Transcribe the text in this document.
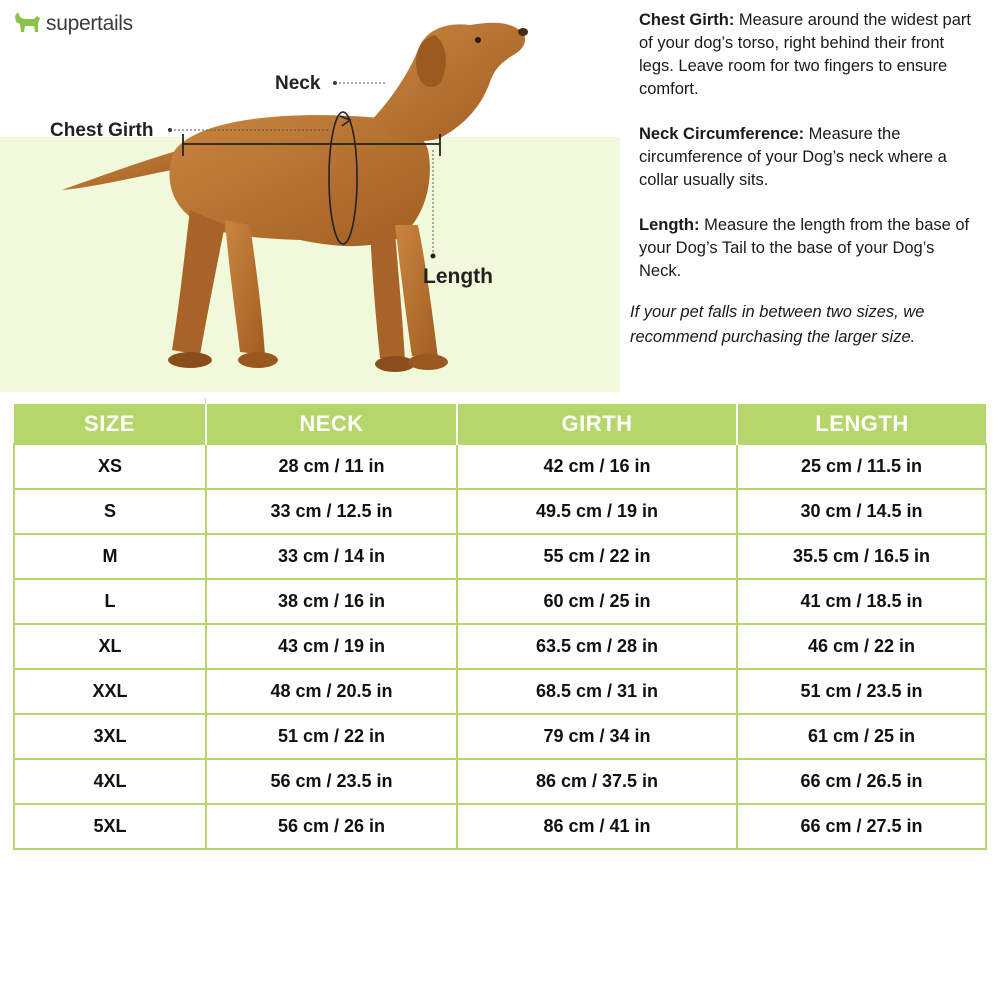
supertails
Neck
Chest Girth
Length

Chest Girth: Measure around the widest part of your dog’s torso, right behind their front legs. Leave room for two fingers to ensure comfort.

Neck Circumference: Measure the circumference of your Dog’s neck where a collar usually sits.

Length: Measure the length from the base of your Dog’s Tail to the base of your Dog’s Neck.

If your pet falls in between two sizes, we recommend purchasing the larger size.
SIZE	NECK	GIRTH	LENGTH
XS	28 cm / 11 in	42 cm / 16 in	25 cm / 11.5 in
S	33 cm / 12.5 in	49.5 cm / 19 in	30 cm / 14.5 in
M	33 cm / 14 in	55 cm / 22 in	35.5 cm / 16.5 in
L	38 cm / 16 in	60 cm / 25 in	41 cm / 18.5 in
XL	43 cm / 19 in	63.5 cm / 28 in	46 cm / 22 in
XXL	48 cm / 20.5 in	68.5 cm / 31 in	51 cm / 23.5 in
3XL	51 cm / 22 in	79 cm / 34 in	61 cm / 25 in
4XL	56 cm / 23.5 in	86 cm / 37.5 in	66 cm / 26.5 in
5XL	56 cm / 26 in	86 cm / 41 in	66 cm / 27.5 in
